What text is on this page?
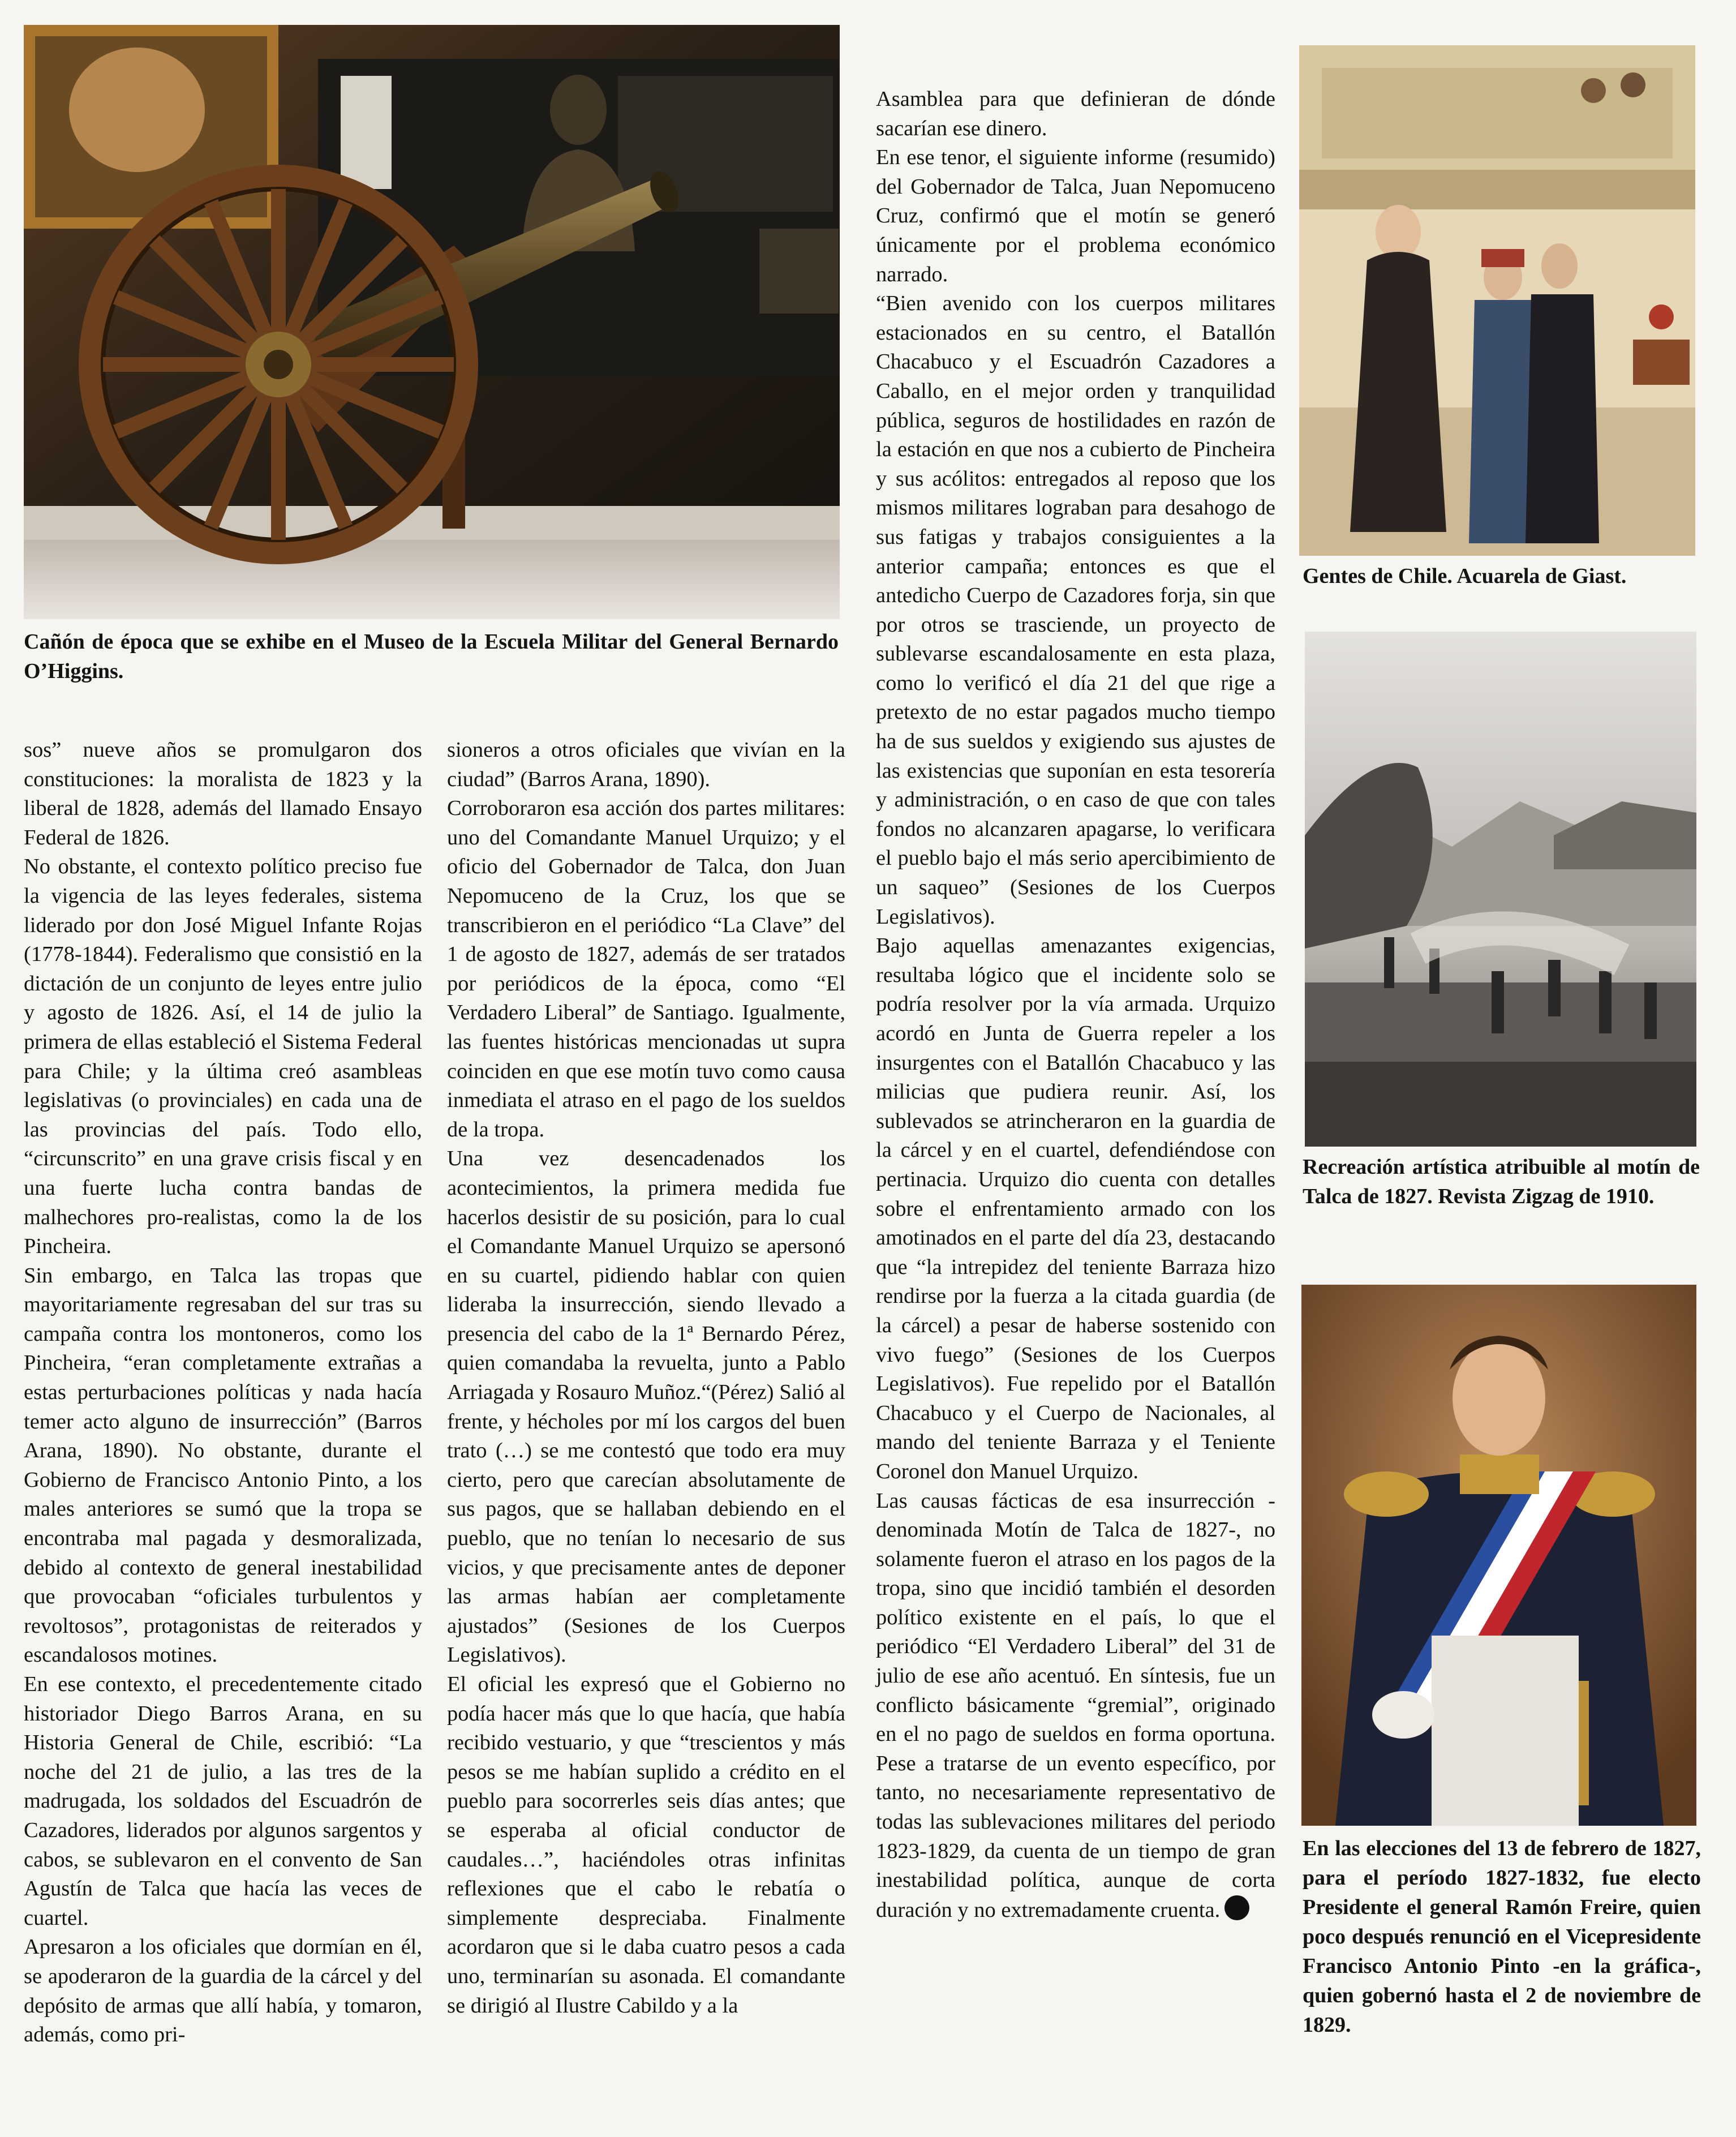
Cañón de época que se exhibe en el Museo de la Escuela Militar del General Bernardo O’Higgins.
Gentes de Chile. Acuarela de Giast.
Recreación artística atribuible al motín de Talca de 1827. Revista Zigzag de 1910.
En las elecciones del 13 de febrero de 1827, para el período 1827-1832, fue electo Presidente el general Ramón Freire, quien poco después renunció en el Vicepresidente Francisco Antonio Pinto -en la gráfica-, quien gobernó hasta el 2 de noviembre de 1829.

sos” nueve años se promulgaron dos constituciones: la moralista de 1823 y la liberal de 1828, además del llamado Ensayo Federal de 1826.

No obstante, el contexto político preciso fue la vigencia de las leyes federales, sistema liderado por don José Miguel Infante Rojas (1778-1844). Federalismo que consistió en la dictación de un conjunto de leyes entre julio y agosto de 1826. Así, el 14 de julio la primera de ellas estableció el Sistema Federal para Chile; y la última creó asambleas legislativas (o provinciales) en cada una de las provincias del país. Todo ello, “circunscrito” en una grave crisis fiscal y en una fuerte lucha contra bandas de malhechores pro-realistas, como la de los Pincheira.

Sin embargo, en Talca las tropas que mayoritariamente regresaban del sur tras su campaña contra los montoneros, como los Pincheira, “eran completamente extrañas a estas perturbaciones políticas y nada hacía temer acto alguno de insurrección” (Barros Arana, 1890). No obstante, durante el Gobierno de Francisco Antonio Pinto, a los males anteriores se sumó que la tropa se encontraba mal pagada y desmoralizada, debido al contexto de general inestabilidad que provocaban “oficiales turbulentos y revoltosos”, protagonistas de reiterados y escandalosos motines.

En ese contexto, el precedentemente citado historiador Diego Barros Arana, en su Historia General de Chile, escribió: “La noche del 21 de julio, a las tres de la madrugada, los soldados del Escuadrón de Cazadores, liderados por algunos sargentos y cabos, se sublevaron en el convento de San Agustín de Talca que hacía las veces de cuartel.

Apresaron a los oficiales que dormían en él, se apoderaron de la guardia de la cárcel y del depósito de armas que allí había, y tomaron, además, como pri-

sioneros a otros oficiales que vivían en la ciudad” (Barros Arana, 1890).

Corroboraron esa acción dos partes militares: uno del Comandante Manuel Urquizo; y el oficio del Gobernador de Talca, don Juan Nepomuceno de la Cruz, los que se transcribieron en el periódico “La Clave” del 1 de agosto de 1827, además de ser tratados por periódicos de la época, como “El Verdadero Liberal” de Santiago. Igualmente, las fuentes históricas mencionadas ut supra coinciden en que ese motín tuvo como causa inmediata el atraso en el pago de los sueldos de la tropa.

Una vez desencadenados los acontecimientos, la primera medida fue hacerlos desistir de su posición, para lo cual el Comandante Manuel Urquizo se apersonó en su cuartel, pidiendo hablar con quien lideraba la insurrección, siendo llevado a presencia del cabo de la 1ª Bernardo Pérez, quien comandaba la revuelta, junto a Pablo Arriagada y Rosauro Muñoz.“(Pérez) Salió al frente, y hécholes por mí los cargos del buen trato (…) se me contestó que todo era muy cierto, pero que carecían absolutamente de sus pagos, que se hallaban debiendo en el pueblo, que no tenían lo necesario de sus vicios, y que precisamente antes de deponer las armas habían aer completamente ajustados” (Sesiones de los Cuerpos Legislativos).

El oficial les expresó que el Gobierno no podía hacer más que lo que hacía, que había recibido vestuario, y que “trescientos y más pesos se me habían suplido a crédito en el pueblo para socorrerles seis días antes; que se esperaba al oficial conductor de caudales…”, haciéndoles otras infinitas reflexiones que el cabo le rebatía o simplemente despreciaba. Finalmente acordaron que si le daba cuatro pesos a cada uno, terminarían su asonada. El comandante se dirigió al Ilustre Cabildo y a la

Asamblea para que definieran de dónde sacarían ese dinero.

En ese tenor, el siguiente informe (resumido) del Gobernador de Talca, Juan Nepomuceno Cruz, confirmó que el motín se generó únicamente por el problema económico narrado.

“Bien avenido con los cuerpos militares estacionados en su centro, el Batallón Chacabuco y el Escuadrón Cazadores a Caballo, en el mejor orden y tranquilidad pública, seguros de hostilidades en razón de la estación en que nos a cubierto de Pincheira y sus acólitos: entregados al reposo que los mismos militares lograban para desahogo de sus fatigas y trabajos consiguientes a la anterior campaña; entonces es que el antedicho Cuerpo de Cazadores forja, sin que por otros se trasciende, un proyecto de sublevarse escandalosamente en esta plaza, como lo verificó el día 21 del que rige a pretexto de no estar pagados mucho tiempo ha de sus sueldos y exigiendo sus ajustes de las existencias que suponían en esta tesorería y administración, o en caso de que con tales fondos no alcanzaren apagarse, lo verificara el pueblo bajo el más serio apercibimiento de un saqueo” (Sesiones de los Cuerpos Legislativos).

Bajo aquellas amenazantes exigencias, resultaba lógico que el incidente solo se podría resolver por la vía armada. Urquizo acordó en Junta de Guerra repeler a los insurgentes con el Batallón Chacabuco y las milicias que pudiera reunir. Así, los sublevados se atrincheraron en la guardia de la cárcel y en el cuartel, defendiéndose con pertinacia. Urquizo dio cuenta con detalles sobre el enfrentamiento armado con los amotinados en el parte del día 23, destacando que “la intrepidez del teniente Barraza hizo rendirse por la fuerza a la citada guardia (de la cárcel) a pesar de haberse sostenido con vivo fuego” (Sesiones de los Cuerpos Legislativos). Fue repelido por el Batallón Chacabuco y el Cuerpo de Nacionales, al mando del teniente Barraza y el Teniente Coronel don Manuel Urquizo.

Las causas fácticas de esa insurrección -denominada Motín de Talca de 1827-, no solamente fueron el atraso en los pagos de la tropa, sino que incidió también el desorden político existente en el país, lo que el periódico “El Verdadero Liberal” del 31 de julio de ese año acentuó. En síntesis, fue un conflicto básicamente “gremial”, originado en el no pago de sueldos en forma oportuna. Pese a tratarse de un evento específico, por tanto, no necesariamente representativo de todas las sublevaciones militares del periodo 1823-1829, da cuenta de un tiempo de gran inestabilidad política, aunque de corta duración y no extremadamente cruenta.
